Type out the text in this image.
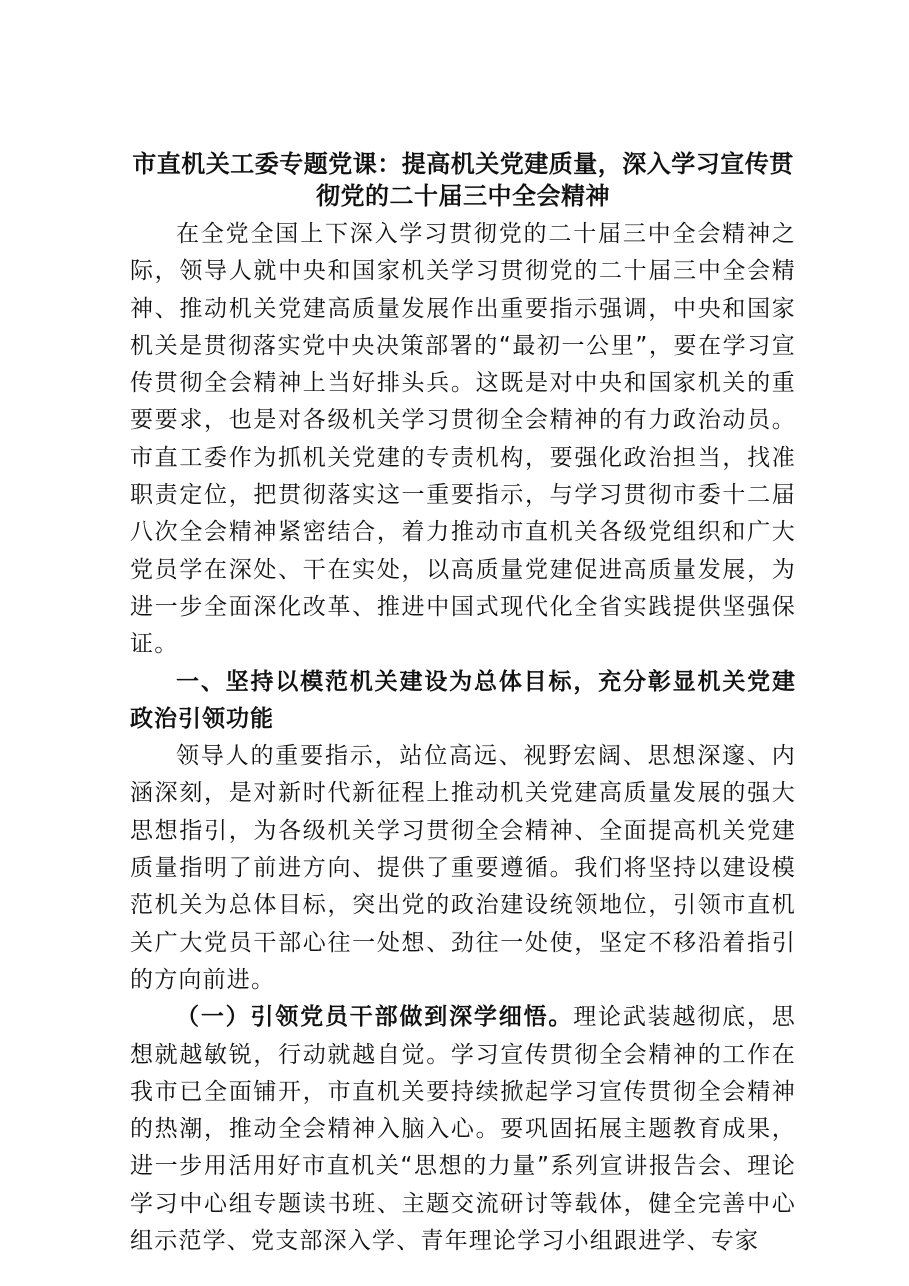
市直机关工委专题党课：提高机关党建质量，深入学习宣传贯
彻党的二十届三中全会精神

在全党全国上下深入学习贯彻党的二十届三中全会精神之际，领导人就中央和国家机关学习贯彻党的二十届三中全会精神、推动机关党建高质量发展作出重要指示强调，中央和国家机关是贯彻落实党中央决策部署的“最初一公里”，要在学习宣传贯彻全会精神上当好排头兵。这既是对中央和国家机关的重要要求，也是对各级机关学习贯彻全会精神的有力政治动员。市直工委作为抓机关党建的专责机构，要强化政治担当，找准职责定位，把贯彻落实这一重要指示，与学习贯彻市委十二届八次全会精神紧密结合，着力推动市直机关各级党组织和广大党员学在深处、干在实处，以高质量党建促进高质量发展，为进一步全面深化改革、推进中国式现代化全省实践提供坚强保证。

一、坚持以模范机关建设为总体目标，充分彰显机关党建政治引领功能

领导人的重要指示，站位高远、视野宏阔、思想深邃、内涵深刻，是对新时代新征程上推动机关党建高质量发展的强大思想指引，为各级机关学习贯彻全会精神、全面提高机关党建质量指明了前进方向、提供了重要遵循。我们将坚持以建设模范机关为总体目标，突出党的政治建设统领地位，引领市直机关广大党员干部心往一处想、劲往一处使，坚定不移沿着指引的方向前进。

（一）引领党员干部做到深学细悟。理论武装越彻底，思想就越敏锐，行动就越自觉。学习宣传贯彻全会精神的工作在我市已全面铺开，市直机关要持续掀起学习宣传贯彻全会精神的热潮，推动全会精神入脑入心。要巩固拓展主题教育成果，进一步用活用好市直机关“思想的力量”系列宣讲报告会、理论学习中心组专题读书班、主题交流研讨等载体，健全完善中心组示范学、党支部深入学、青年理论学习小组跟进学、专家
